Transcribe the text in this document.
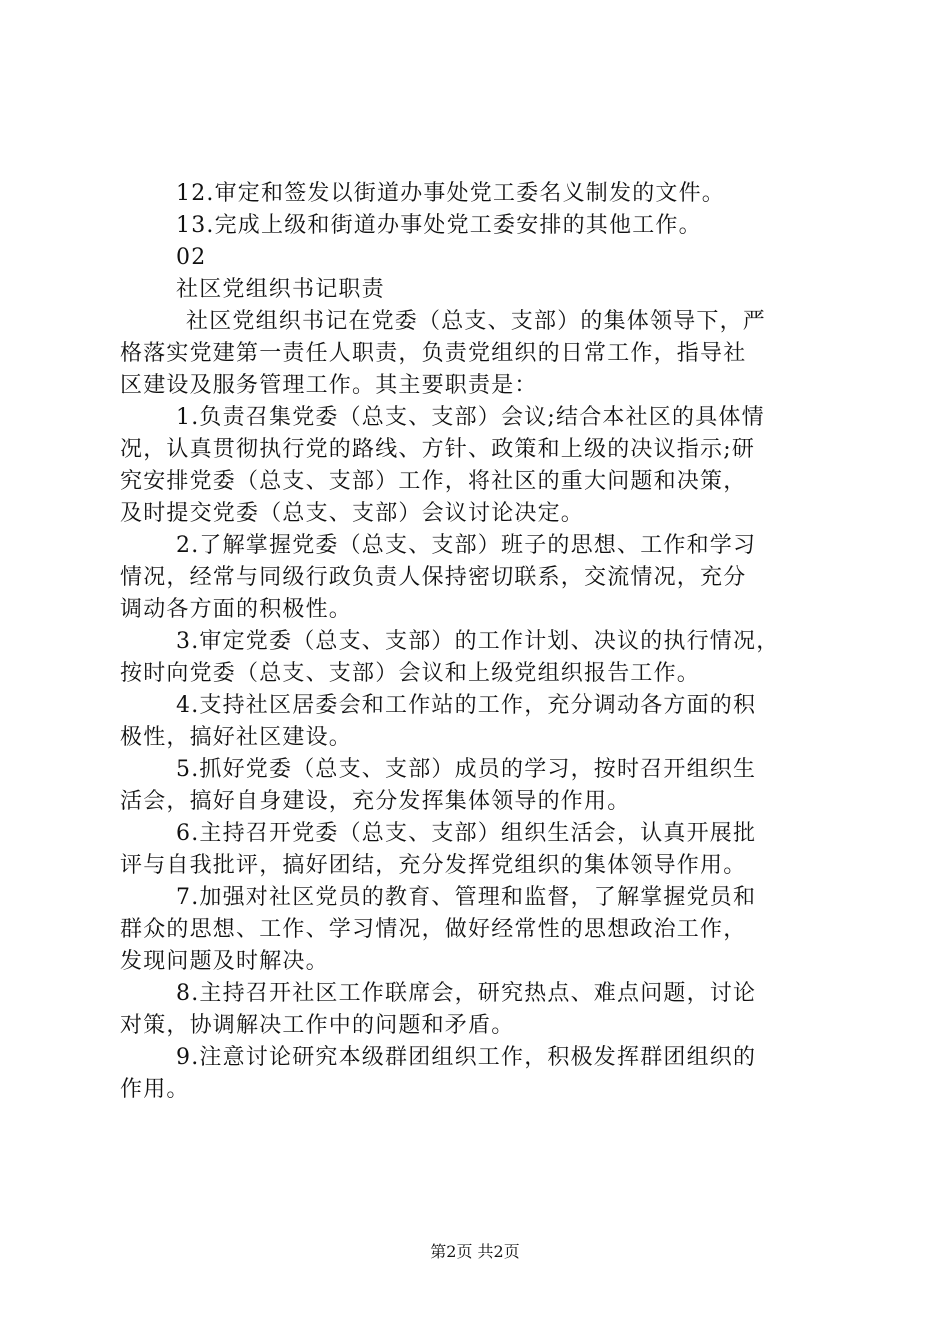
12.审定和签发以街道办事处党工委名义制发的文件。
13.完成上级和街道办事处党工委安排的其他工作。
02
社区党组织书记职责
社区党组织书记在党委（总支、支部）的集体领导下，严
格落实党建第一责任人职责，负责党组织的日常工作，指导社
区建设及服务管理工作。其主要职责是：
1.负责召集党委（总支、支部）会议;结合本社区的具体情
况，认真贯彻执行党的路线、方针、政策和上级的决议指示;研
究安排党委（总支、支部）工作，将社区的重大问题和决策，
及时提交党委（总支、支部）会议讨论决定。
2.了解掌握党委（总支、支部）班子的思想、工作和学习
情况，经常与同级行政负责人保持密切联系，交流情况，充分
调动各方面的积极性。
3.审定党委（总支、支部）的工作计划、决议的执行情况，
按时向党委（总支、支部）会议和上级党组织报告工作。
4.支持社区居委会和工作站的工作，充分调动各方面的积
极性，搞好社区建设。
5.抓好党委（总支、支部）成员的学习，按时召开组织生
活会，搞好自身建设，充分发挥集体领导的作用。
6.主持召开党委（总支、支部）组织生活会，认真开展批
评与自我批评，搞好团结，充分发挥党组织的集体领导作用。
7.加强对社区党员的教育、管理和监督，了解掌握党员和
群众的思想、工作、学习情况，做好经常性的思想政治工作，
发现问题及时解决。
8.主持召开社区工作联席会，研究热点、难点问题，讨论
对策，协调解决工作中的问题和矛盾。
9.注意讨论研究本级群团组织工作，积极发挥群团组织的
作用。
第2页 共2页
